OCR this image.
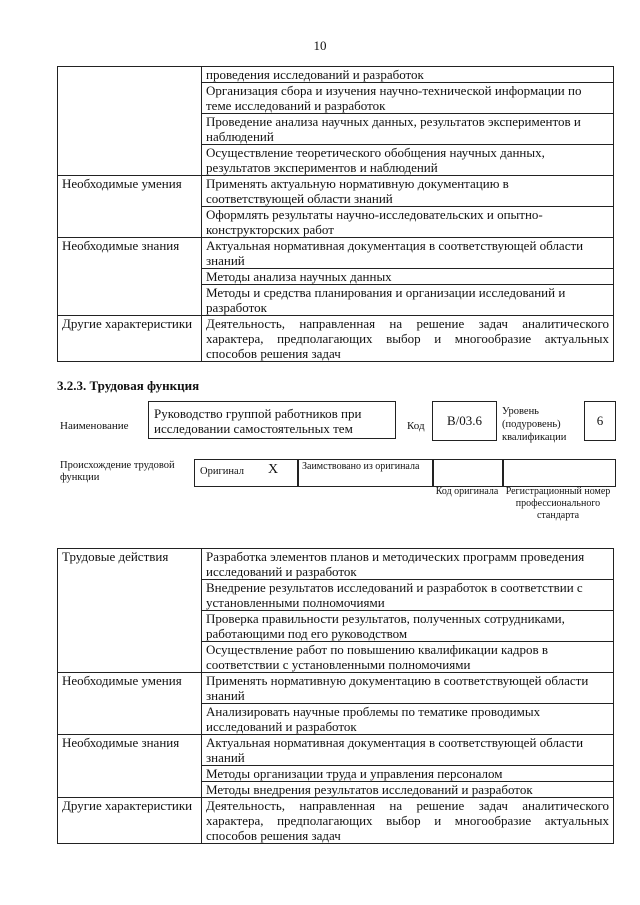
10
	проведения исследований и разработок
	Организация сбора и изучения научно-технической информации по теме исследований и разработок
	Проведение анализа научных данных, результатов экспериментов и наблюдений
	Осуществление теоретического обобщения научных данных, результатов экспериментов и наблюдений
Необходимые умения	Применять актуальную нормативную документацию в соответствующей области знаний
	Оформлять результаты научно-исследовательских и опытно-конструкторских работ
Необходимые знания	Актуальная нормативная документация в соответствующей области знаний
	Методы анализа научных данных
	Методы и средства планирования и организации исследований и разработок
Другие характеристики	Деятельность, направленная на решение задач аналитического характера, предполагающих выбор и многообразие актуальных способов решения задач
3.2.3. Трудовая функция
Наименование
Руководство группой работников при исследовании самостоятельных тем	Код	B/03.6
Уровень (подуровень) квалификации
6
Происхождение трудовой функции
Оригинал X Заимствовано из оригинала
Код оригинала Регистрационный номер профессионального стандарта
Трудовые действия	Разработка элементов планов и методических программ проведения исследований и разработок
	Внедрение результатов исследований и разработок в соответствии с установленными полномочиями
	Проверка правильности результатов, полученных сотрудниками, работающими под его руководством
	Осуществление работ по повышению квалификации кадров в соответствии с установленными полномочиями
Необходимые умения	Применять нормативную документацию в соответствующей области знаний
	Анализировать научные проблемы по тематике проводимых исследований и разработок
Необходимые знания	Актуальная нормативная документация в соответствующей области знаний
	Методы организации труда и управления персоналом
	Методы внедрения результатов исследований и разработок
Другие характеристики	Деятельность, направленная на решение задач аналитического характера, предполагающих выбор и многообразие актуальных способов решения задач
